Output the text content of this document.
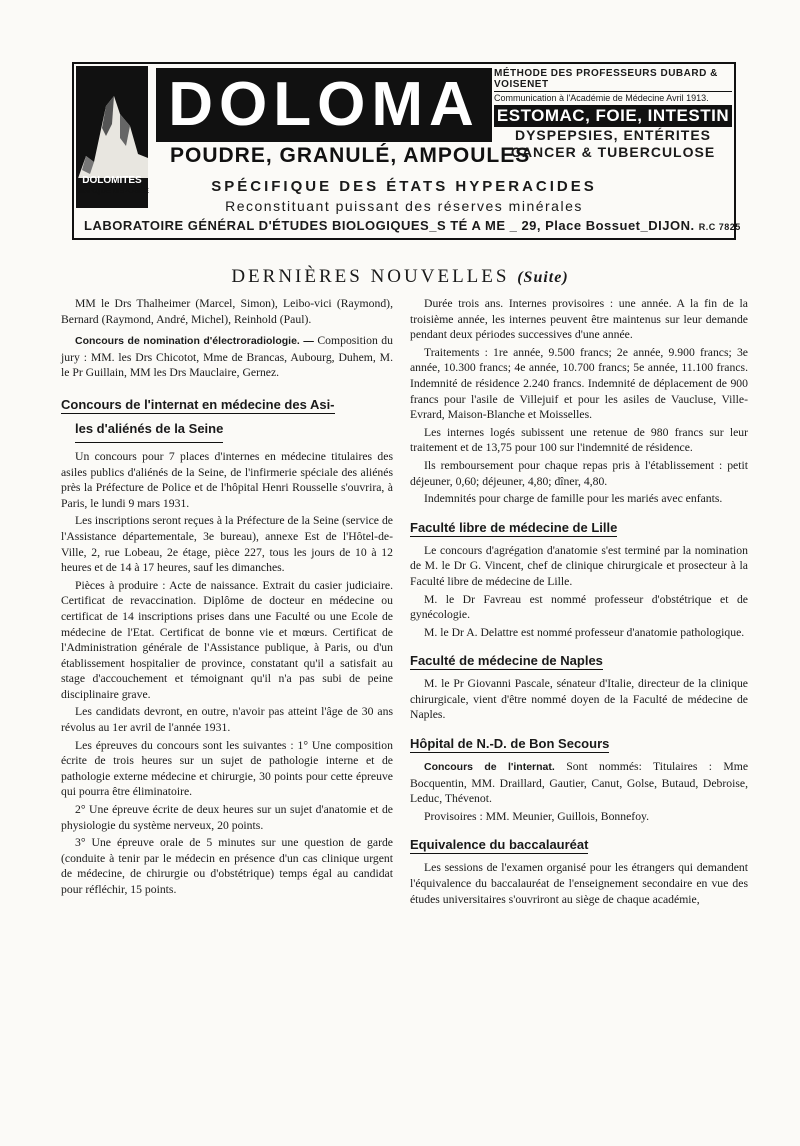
DOLOMITES
MARQUE DÉPOSÉE
DOLOMA
POUDRE, GRANULÉ, AMPOULES
MÉTHODE DES PROFESSEURS DUBARD & VOISENET
Communication à l'Académie de Médecine Avril 1913.
ESTOMAC, FOIE, INTESTIN
DYSPEPSIES, ENTÉRITES
CANCER & TUBERCULOSE
SPÉCIFIQUE DES ÉTATS HYPERACIDES
Reconstituant puissant des réserves minérales
LABORATOIRE GÉNÉRAL D'ÉTUDES BIOLOGIQUES_S TÉ A ME _ 29, Place Bossuet_DIJON. R.C 7825
DERNIÈRES NOUVELLES (Suite)

MM le Drs Thalheimer (Marcel, Simon), Leibo-vici (Raymond), Bernard (Raymond, André, Michel), Reinhold (Paul).

Concours de nomination d'électroradiologie. — Composition du jury : MM. les Drs Chicotot, Mme de Brancas, Aubourg, Duhem, M. le Pr Guillain, MM les Drs Mauclaire, Gernez.

Concours de l'internat en médecine des Asi-
les d'aliénés de la Seine

Un concours pour 7 places d'internes en médecine titulaires des asiles publics d'aliénés de la Seine, de l'infirmerie spéciale des aliénés près la Préfecture de Police et de l'hôpital Henri Rousselle s'ouvrira, à Paris, le lundi 9 mars 1931.

Les inscriptions seront reçues à la Préfecture de la Seine (service de l'Assistance départementale, 3e bureau), annexe Est de l'Hôtel-de-Ville, 2, rue Lobeau, 2e étage, pièce 227, tous les jours de 10 à 12 heures et de 14 à 17 heures, sauf les dimanches.

Pièces à produire : Acte de naissance. Extrait du casier judiciaire. Certificat de revaccination. Diplôme de docteur en médecine ou certificat de 14 inscriptions prises dans une Faculté ou une Ecole de médecine de l'Etat. Certificat de bonne vie et mœurs. Certificat de l'Administration générale de l'Assistance publique, à Paris, ou d'un établissement hospitalier de province, constatant qu'il a satisfait au stage d'accouchement et témoignant qu'il n'a pas subi de peine disciplinaire grave.

Les candidats devront, en outre, n'avoir pas atteint l'âge de 30 ans révolus au 1er avril de l'année 1931.

Les épreuves du concours sont les suivantes : 1° Une composition écrite de trois heures sur un sujet de pathologie interne et de pathologie externe médecine et chirurgie, 30 points pour cette épreuve qui pourra être éliminatoire.

2° Une épreuve écrite de deux heures sur un sujet d'anatomie et de physiologie du système nerveux, 20 points.

3° Une épreuve orale de 5 minutes sur une question de garde (conduite à tenir par le médecin en présence d'un cas clinique urgent de médecine, de chirurgie ou d'obstétrique) temps égal au candidat pour réfléchir, 15 points.

Durée trois ans. Internes provisoires : une année. A la fin de la troisième année, les internes peuvent être maintenus sur leur demande pendant deux périodes successives d'une année.

Traitements : 1re année, 9.500 francs; 2e année, 9.900 francs; 3e année, 10.300 francs; 4e année, 10.700 francs; 5e année, 11.100 francs. Indemnité de résidence 2.240 francs. Indemnité de déplacement de 900 francs pour l'asile de Villejuif et pour les asiles de Vaucluse, Ville-Evrard, Maison-Blanche et Moisselles.

Les internes logés subissent une retenue de 980 francs sur leur traitement et de 13,75 pour 100 sur l'indemnité de résidence.

Ils remboursement pour chaque repas pris à l'établissement : petit déjeuner, 0,60; déjeuner, 4,80; dîner, 4,80.

Indemnités pour charge de famille pour les mariés avec enfants.

Faculté libre de médecine de Lille

Le concours d'agrégation d'anatomie s'est terminé par la nomination de M. le Dr G. Vincent, chef de clinique chirurgicale et prosecteur à la Faculté libre de médecine de Lille.

M. le Dr Favreau est nommé professeur d'obstétrique et de gynécologie.

M. le Dr A. Delattre est nommé professeur d'anatomie pathologique.

Faculté de médecine de Naples

M. le Pr Giovanni Pascale, sénateur d'Italie, directeur de la clinique chirurgicale, vient d'être nommé doyen de la Faculté de médecine de Naples.

Hôpital de N.-D. de Bon Secours

Concours de l'internat. Sont nommés: Titulaires : Mme Bocquentin, MM. Draillard, Gautier, Canut, Golse, Butaud, Debroise, Leduc, Thévenot.

Provisoires : MM. Meunier, Guillois, Bonnefoy.

Equivalence du baccalauréat

Les sessions de l'examen organisé pour les étrangers qui demandent l'équivalence du baccalauréat de l'enseignement secondaire en vue des études universitaires s'ouvriront au siège de chaque académie,
